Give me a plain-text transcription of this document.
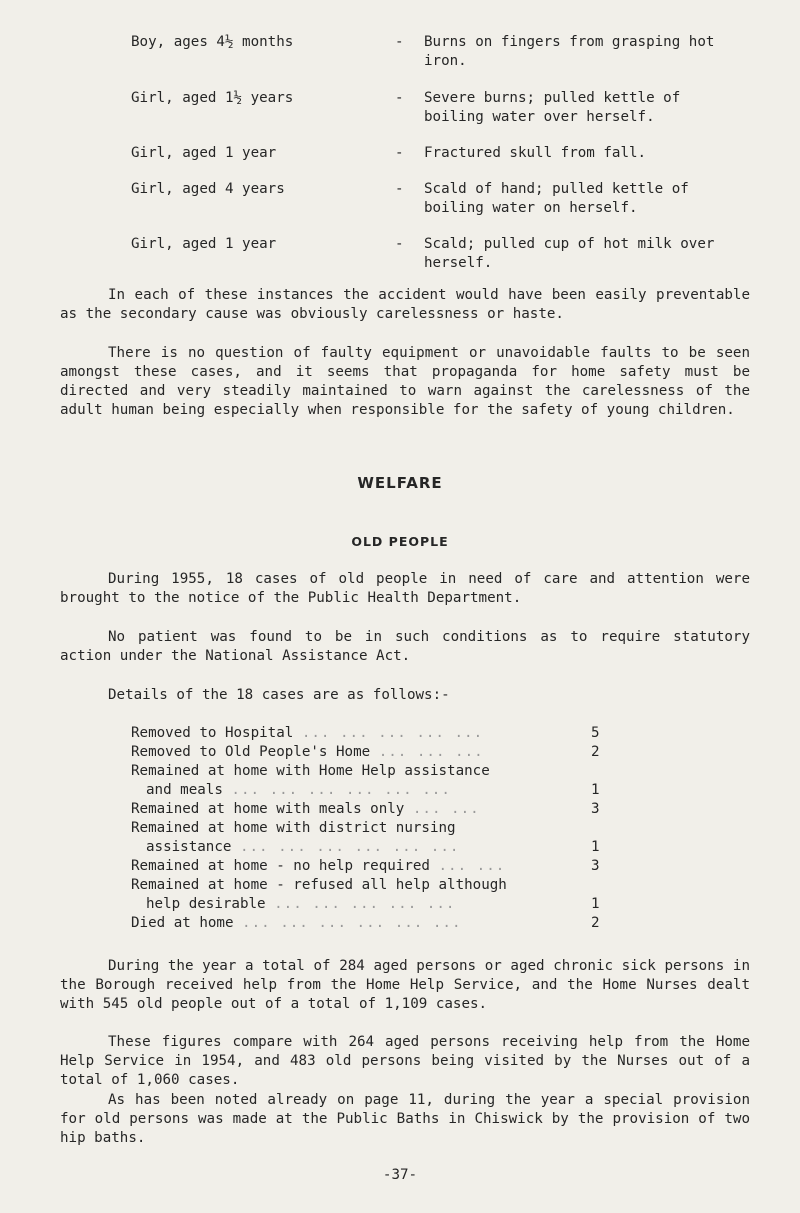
Boy, ages 4½ months	- Burns on fingers from grasping hot iron.
Girl, aged 1½ years	- Severe burns; pulled kettle of boiling water over herself.
Girl, aged 1 year	- Fractured skull from fall.
Girl, aged 4 years	- Scald of hand; pulled kettle of boiling water on herself.
Girl, aged 1 year	- Scald; pulled cup of hot milk over herself.

In each of these instances the accident would have been easily preventable as the secondary cause was obviously carelessness or haste.

There is no question of faulty equipment or unavoidable faults to be seen amongst these cases, and it seems that propaganda for home safety must be directed and very steadily maintained to warn against the carelessness of the adult human being especially when responsible for the safety of young children.

WELFARE
OLD PEOPLE

During 1955, 18 cases of old people in need of care and attention were brought to the notice of the Public Health Department.

No patient was found to be in such conditions as to require statutory action under the National Assistance Act.

Details of the 18 cases are as follows:-

Removed to Hospital ... ... ... ... ...	5
Removed to Old People's Home ... ... ...	2
Remained at home with Home Help assistance
and meals ... ... ... ... ... ...	1
Remained at home with meals only ... ...	3
Remained at home with district nursing
assistance ... ... ... ... ... ...	1
Remained at home - no help required ... ...	3
Remained at home - refused all help although
help desirable ... ... ... ... ...	1
Died at home ... ... ... ... ... ...	2

During the year a total of 284 aged persons or aged chronic sick persons in the Borough received help from the Home Help Service, and the Home Nurses dealt with 545 old people out of a total of 1,109 cases.

These figures compare with 264 aged persons receiving help from the Home Help Service in 1954, and 483 old persons being visited by the Nurses out of a total of 1,060 cases.

As has been noted already on page 11, during the year a special provision for old persons was made at the Public Baths in Chiswick by the provision of two hip baths.

-37-
